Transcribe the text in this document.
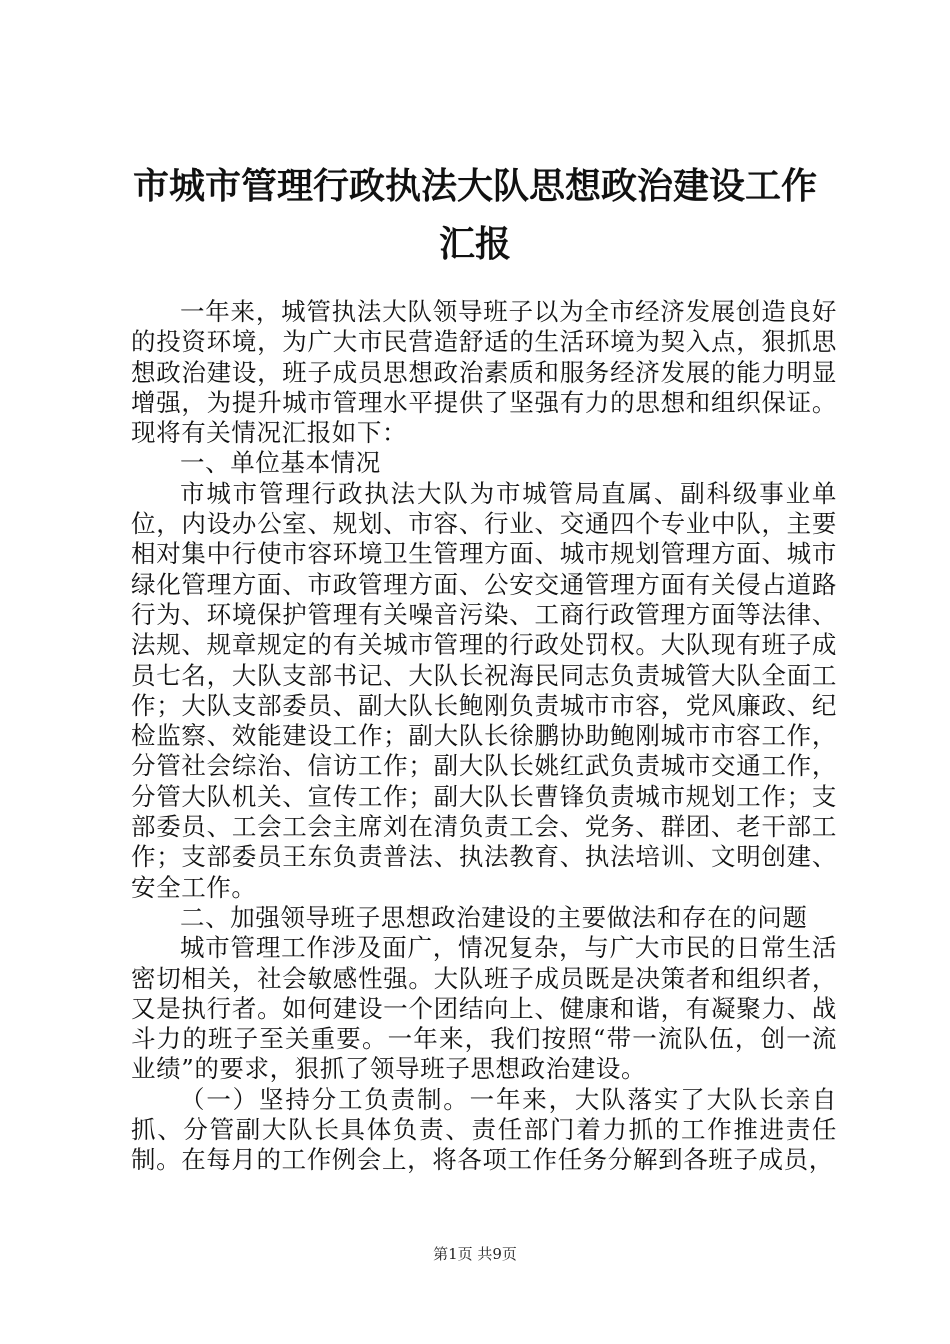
市城市管理行政执法大队思想政治建设工作汇报

一年来，城管执法大队领导班子以为全市经济发展创造良好的投资环境，为广大市民营造舒适的生活环境为契入点，狠抓思想政治建设，班子成员思想政治素质和服务经济发展的能力明显增强，为提升城市管理水平提供了坚强有力的思想和组织保证。现将有关情况汇报如下：

一、单位基本情况

市城市管理行政执法大队为市城管局直属、副科级事业单位，内设办公室、规划、市容、行业、交通四个专业中队，主要相对集中行使市容环境卫生管理方面、城市规划管理方面、城市绿化管理方面、市政管理方面、公安交通管理方面有关侵占道路行为、环境保护管理有关噪音污染、工商行政管理方面等法律、法规、规章规定的有关城市管理的行政处罚权。大队现有班子成员七名，大队支部书记、大队长祝海民同志负责城管大队全面工作；大队支部委员、副大队长鲍刚负责城市市容，党风廉政、纪检监察、效能建设工作；副大队长徐鹏协助鲍刚城市市容工作，分管社会综治、信访工作；副大队长姚红武负责城市交通工作，分管大队机关、宣传工作；副大队长曹锋负责城市规划工作；支部委员、工会工会主席刘在清负责工会、党务、群团、老干部工作；支部委员王东负责普法、执法教育、执法培训、文明创建、安全工作。

二、加强领导班子思想政治建设的主要做法和存在的问题

城市管理工作涉及面广，情况复杂，与广大市民的日常生活密切相关，社会敏感性强。大队班子成员既是决策者和组织者，又是执行者。如何建设一个团结向上、健康和谐，有凝聚力、战斗力的班子至关重要。一年来，我们按照“带一流队伍，创一流业绩”的要求，狠抓了领导班子思想政治建设。

（一）坚持分工负责制。一年来，大队落实了大队长亲自抓、分管副大队长具体负责、责任部门着力抓的工作推进责任制。在每月的工作例会上，将各项工作任务分解到各班子成员，

第1页 共9页
